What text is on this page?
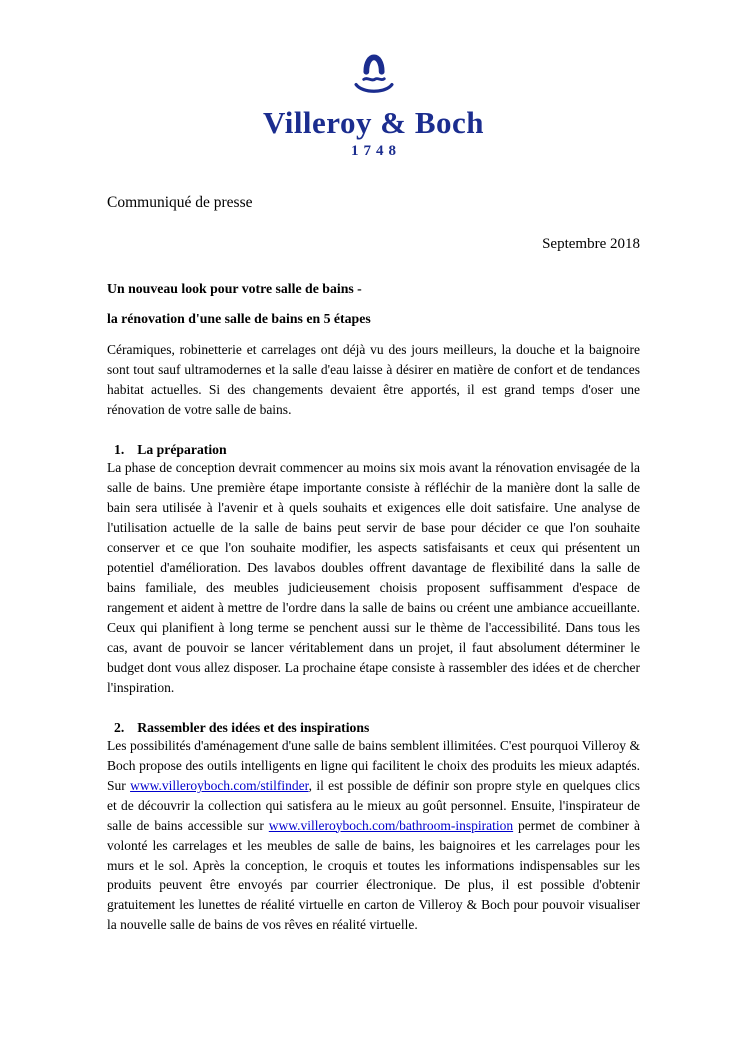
Villeroy & Boch
1748
Communiqué de presse
Septembre 2018
Un nouveau look pour votre salle de bains -
la rénovation d'une salle de bains en 5 étapes

Céramiques, robinetterie et carrelages ont déjà vu des jours meilleurs, la douche et la baignoire sont tout sauf ultramodernes et la salle d'eau laisse à désirer en matière de confort et de tendances habitat actuelles. Si des changements devaient être apportés, il est grand temps d'oser une rénovation de votre salle de bains.

1. La préparation

La phase de conception devrait commencer au moins six mois avant la rénovation envisagée de la salle de bains. Une première étape importante consiste à réfléchir de la manière dont la salle de bain sera utilisée à l'avenir et à quels souhaits et exigences elle doit satisfaire. Une analyse de l'utilisation actuelle de la salle de bains peut servir de base pour décider ce que l'on souhaite conserver et ce que l'on souhaite modifier, les aspects satisfaisants et ceux qui présentent un potentiel d'amélioration. Des lavabos doubles offrent davantage de flexibilité dans la salle de bains familiale, des meubles judicieusement choisis proposent suffisamment d'espace de rangement et aident à mettre de l'ordre dans la salle de bains ou créent une ambiance accueillante. Ceux qui planifient à long terme se penchent aussi sur le thème de l'accessibilité. Dans tous les cas, avant de pouvoir se lancer véritablement dans un projet, il faut absolument déterminer le budget dont vous allez disposer. La prochaine étape consiste à rassembler des idées et de chercher l'inspiration.

2. Rassembler des idées et des inspirations

Les possibilités d'aménagement d'une salle de bains semblent illimitées. C'est pourquoi Villeroy & Boch propose des outils intelligents en ligne qui facilitent le choix des produits les mieux adaptés. Sur www.villeroyboch.com/stilfinder, il est possible de définir son propre style en quelques clics et de découvrir la collection qui satisfera au le mieux au goût personnel. Ensuite, l'inspirateur de salle de bains accessible sur www.villeroyboch.com/bathroom-inspiration permet de combiner à volonté les carrelages et les meubles de salle de bains, les baignoires et les carrelages pour les murs et le sol. Après la conception, le croquis et toutes les informations indispensables sur les produits peuvent être envoyés par courrier électronique. De plus, il est possible d'obtenir gratuitement les lunettes de réalité virtuelle en carton de Villeroy & Boch pour pouvoir visualiser la nouvelle salle de bains de vos rêves en réalité virtuelle.
